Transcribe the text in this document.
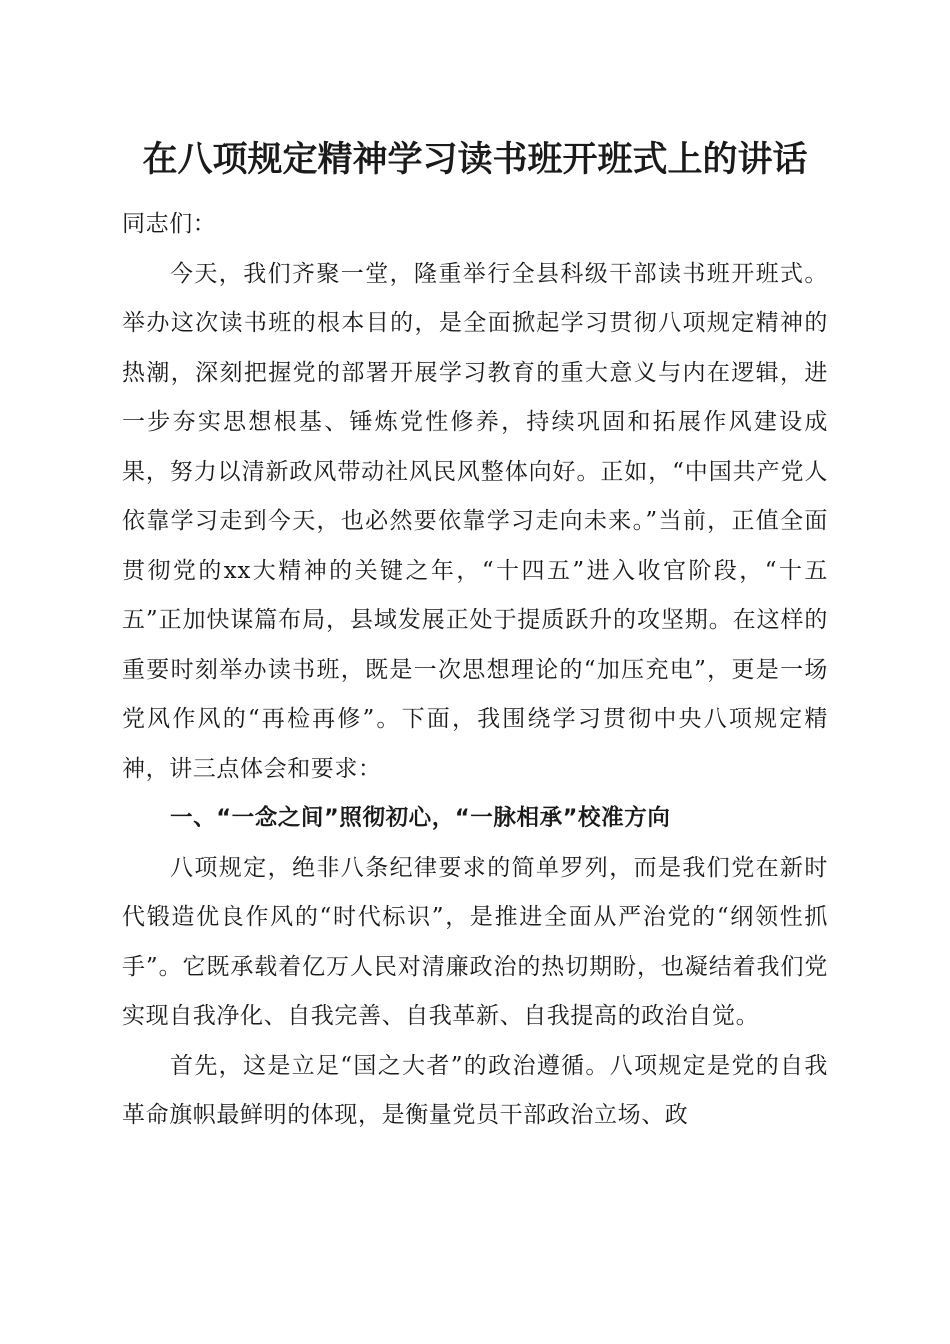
在八项规定精神学习读书班开班式上的讲话

同志们：

今天，我们齐聚一堂，隆重举行全县科级干部读书班开班式。举办这次读书班的根本目的，是全面掀起学习贯彻八项规定精神的热潮，深刻把握党的部署开展学习教育的重大意义与内在逻辑，进一步夯实思想根基、锤炼党性修养，持续巩固和拓展作风建设成果，努力以清新政风带动社风民风整体向好。正如，“中国共产党人依靠学习走到今天，也必然要依靠学习走向未来。”当前，正值全面贯彻党的xx大精神的关键之年，“十四五”进入收官阶段，“十五五”正加快谋篇布局，县域发展正处于提质跃升的攻坚期。在这样的重要时刻举办读书班，既是一次思想理论的“加压充电”，更是一场党风作风的“再检再修”。下面，我围绕学习贯彻中央八项规定精神，讲三点体会和要求：

一、“一念之间”照彻初心，“一脉相承”校准方向

八项规定，绝非八条纪律要求的简单罗列，而是我们党在新时代锻造优良作风的“时代标识”，是推进全面从严治党的“纲领性抓手”。它既承载着亿万人民对清廉政治的热切期盼，也凝结着我们党实现自我净化、自我完善、自我革新、自我提高的政治自觉。

首先，这是立足“国之大者”的政治遵循。八项规定是党的自我革命旗帜最鲜明的体现，是衡量党员干部政治立场、政
